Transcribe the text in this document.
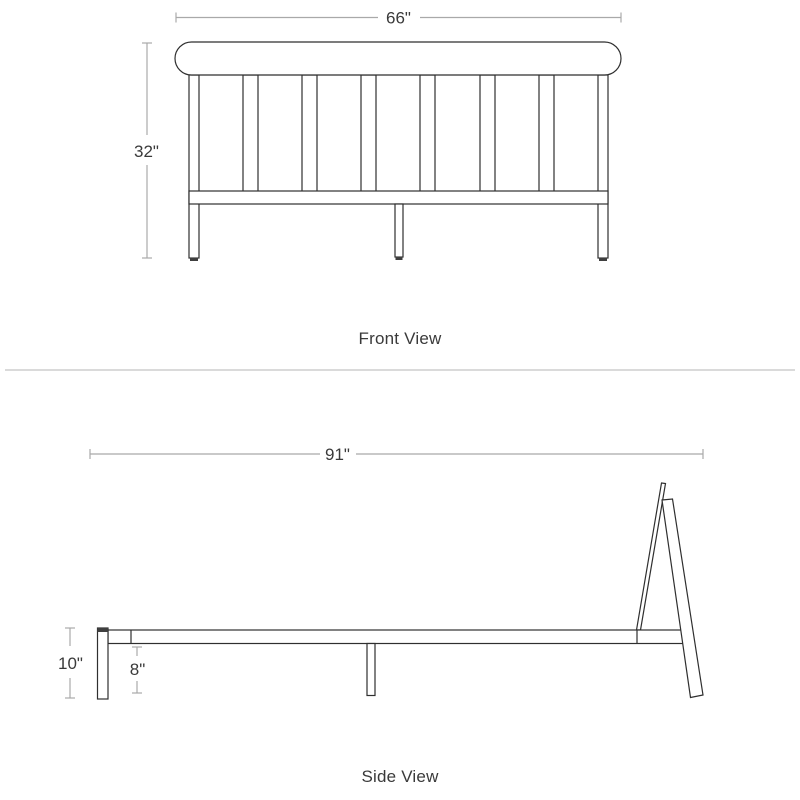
66"
32"
Front View
91"
10"	8"
Side View
